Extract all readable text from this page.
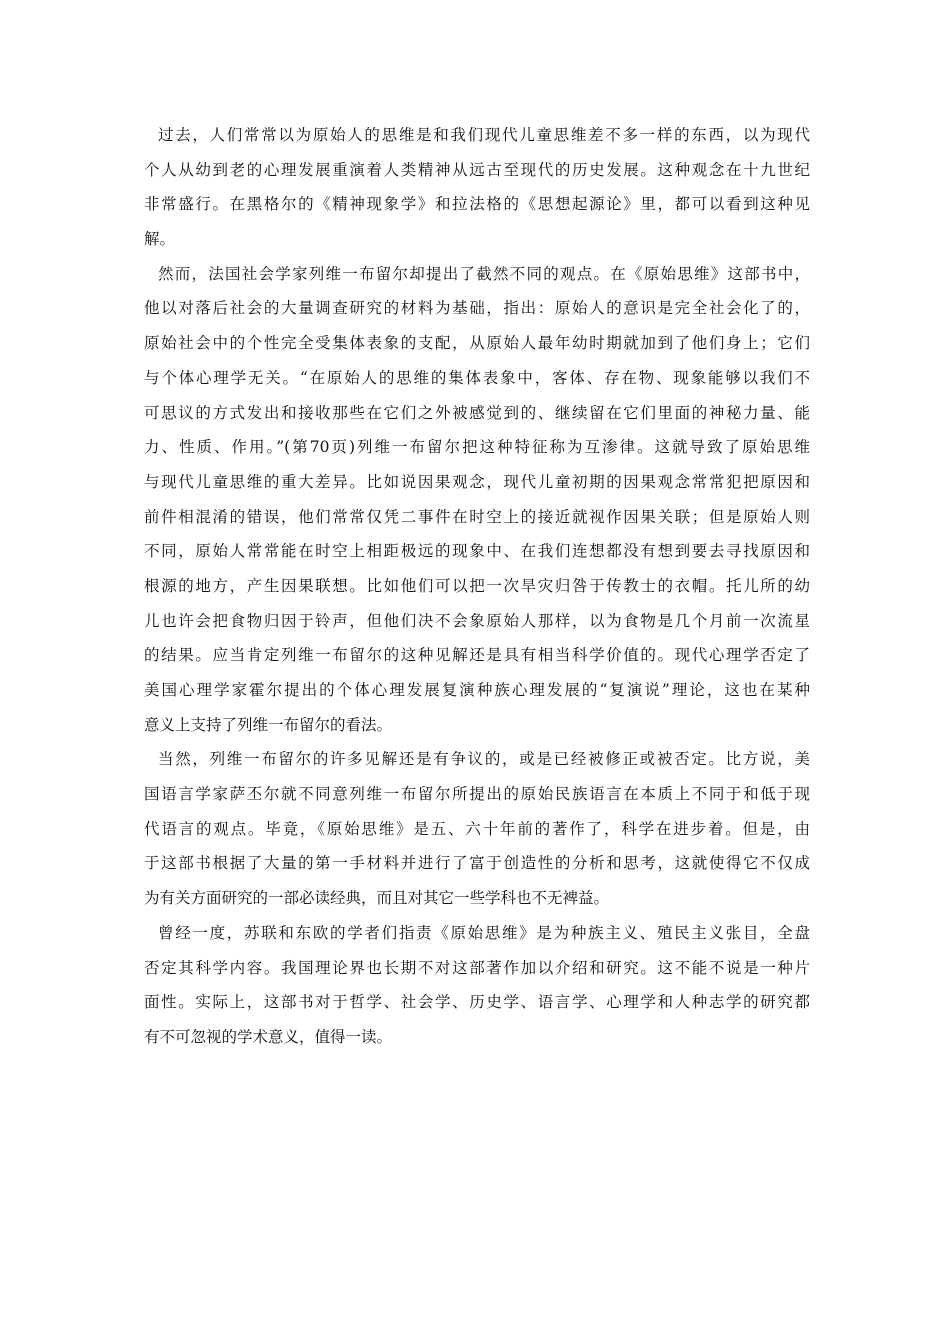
过去，人们常常以为原始人的思维是和我们现代儿童思维差不多一样的东西，以为现代
个人从幼到老的心理发展重演着人类精神从远古至现代的历史发展。这种观念在十九世纪
非常盛行。在黑格尔的《精神现象学》和拉法格的《思想起源论》里，都可以看到这种见
解。
然而，法国社会学家列维一布留尔却提出了截然不同的观点。在《原始思维》这部书中，
他以对落后社会的大量调查研究的材料为基础，指出：原始人的意识是完全社会化了的，
原始社会中的个性完全受集体表象的支配，从原始人最年幼时期就加到了他们身上；它们
与个体心理学无关。“在原始人的思维的集体表象中，客体、存在物、现象能够以我们不
可思议的方式发出和接收那些在它们之外被感觉到的、继续留在它们里面的神秘力量、能
力、性质、作用。”(第70页)列维一布留尔把这种特征称为互渗律。这就导致了原始思维
与现代儿童思维的重大差异。比如说因果观念，现代儿童初期的因果观念常常犯把原因和
前件相混淆的错误，他们常常仅凭二事件在时空上的接近就视作因果关联；但是原始人则
不同，原始人常常能在时空上相距极远的现象中、在我们连想都没有想到要去寻找原因和
根源的地方，产生因果联想。比如他们可以把一次旱灾归咎于传教士的衣帽。托儿所的幼
儿也许会把食物归因于铃声，但他们决不会象原始人那样，以为食物是几个月前一次流星
的结果。应当肯定列维一布留尔的这种见解还是具有相当科学价值的。现代心理学否定了
美国心理学家霍尔提出的个体心理发展复演种族心理发展的“复演说”理论，这也在某种
意义上支持了列维一布留尔的看法。
当然，列维一布留尔的许多见解还是有争议的，或是已经被修正或被否定。比方说，美
国语言学家萨丕尔就不同意列维一布留尔所提出的原始民族语言在本质上不同于和低于现
代语言的观点。毕竟，《原始思维》是五、六十年前的著作了，科学在进步着。但是，由
于这部书根据了大量的第一手材料并进行了富于创造性的分析和思考，这就使得它不仅成
为有关方面研究的一部必读经典，而且对其它一些学科也不无裨益。
曾经一度，苏联和东欧的学者们指责《原始思维》是为种族主义、殖民主义张目，全盘
否定其科学内容。我国理论界也长期不对这部著作加以介绍和研究。这不能不说是一种片
面性。实际上，这部书对于哲学、社会学、历史学、语言学、心理学和人种志学的研究都
有不可忽视的学术意义，值得一读。
